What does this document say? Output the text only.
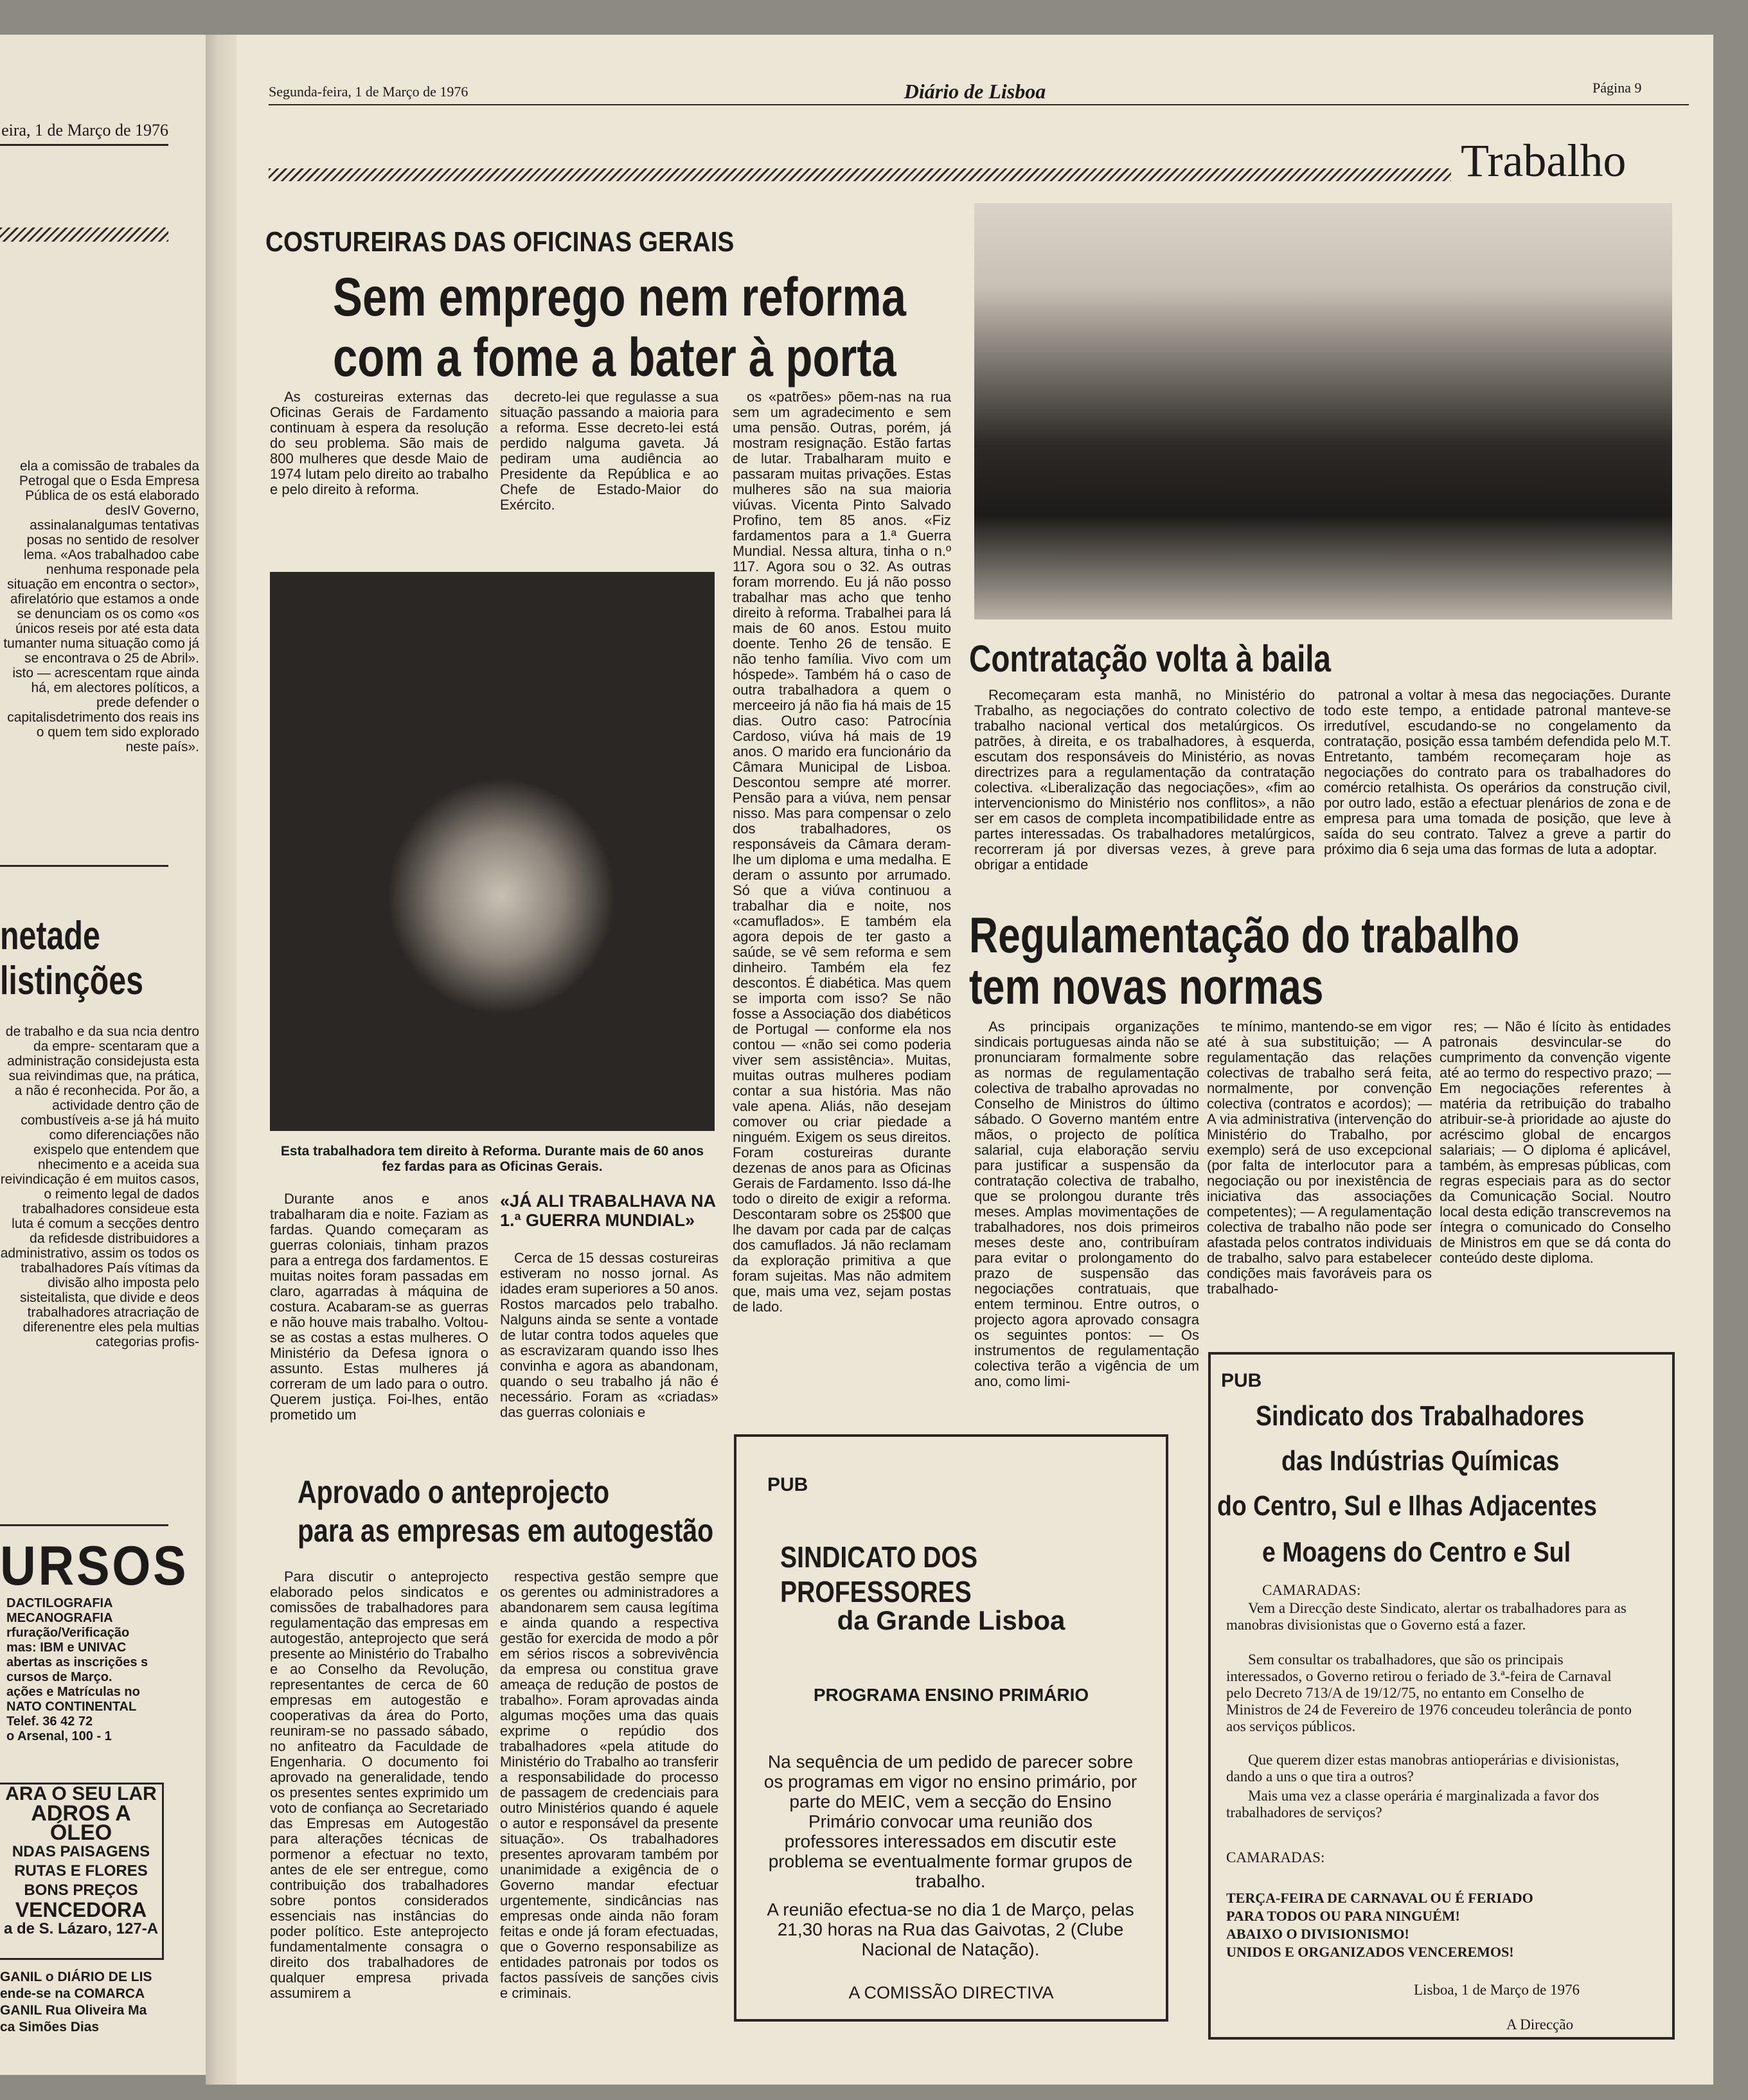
eira, 1 de Março de 1976
ela a comissão de trabales da Petrogal que o Esda Empresa Pública de os está elaborado desIV Governo, assinalanalgumas tentativas posas no sentido de resolver lema. «Aos trabalhadoo cabe nenhuma responade pela situação em encontra o sector», afirelatório que estamos a onde se denunciam os os como «os únicos reseis por até esta data tumanter numa situação como já se encontrava o 25 de Abril». isto — acrescentam rque ainda há, em alectores políticos, a prede defender o capitalisdetrimento dos reais ins o quem tem sido explorado neste país».
netade
listinções
de trabalho e da sua ncia dentro da empre- scentaram que a administração considejusta esta sua reivindimas que, na prática, a não é reconhecida. Por ão, a actividade dentro ção de combustíveis a-se já há muito como diferenciações não exispelo que entendem que nhecimento e a aceida sua reivindicação é em muitos casos, o reimento legal de dados trabalhadores consideue esta luta é comum a secções dentro da refidesde distribuidores a administrativo, assim os todos os trabalhadores País vítimas da divisão alho imposta pelo sisteitalista, que divide e deos trabalhadores atracriação de diferenentre eles pela multias categorias profis-
URSOS
DACTILOGRAFIA
MECANOGRAFIA
rfuração/Verificação
mas: IBM e UNIVAC
abertas as inscrições s cursos de Março.
ações e Matrículas no
NATO CONTINENTAL
Telef. 36 42 72
o Arsenal, 100 - 1
ARA O SEU LAR
ADROS A ÓLEO
NDAS PAISAGENS
RUTAS E FLORES
BONS PREÇOS
VENCEDORA
a de S. Lázaro, 127-A
GANIL o DIÁRIO DE LIS
ende-se na COMARCA
GANIL Rua Oliveira Ma
ca Simões Dias
Segunda-feira, 1 de Março de 1976	Diário de Lisboa	Página 9
Trabalho
COSTUREIRAS DAS OFICINAS GERAIS
Sem emprego nem reforma
com a fome a bater à porta

As costureiras externas das Oficinas Gerais de Fardamento continuam à espera da resolução do seu problema. São mais de 800 mulheres que desde Maio de 1974 lutam pelo direito ao trabalho e pelo direito à reforma.

decreto-lei que regulasse a sua situação passando a maioria para a reforma. Esse decreto-lei está perdido nalguma gaveta. Já pediram uma audiência ao Presidente da República e ao Chefe de Estado-Maior do Exército.

os «patrões» põem-nas na rua sem um agradecimento e sem uma pensão. Outras, porém, já mostram resignação. Estão fartas de lutar. Trabalharam muito e passaram muitas privações. Estas mulheres são na sua maioria viúvas. Vicenta Pinto Salvado Profino, tem 85 anos. «Fiz fardamentos para a 1.ª Guerra Mundial. Nessa altura, tinha o n.º 117. Agora sou o 32. As outras foram morrendo. Eu já não posso trabalhar mas acho que tenho direito à reforma. Trabalhei para lá mais de 60 anos. Estou muito doente. Tenho 26 de tensão. E não tenho família. Vivo com um hóspede». Também há o caso de outra trabalhadora a quem o merceeiro já não fia há mais de 15 dias. Outro caso: Patrocínia Cardoso, viúva há mais de 19 anos. O marido era funcionário da Câmara Municipal de Lisboa. Descontou sempre até morrer. Pensão para a viúva, nem pensar nisso. Mas para compensar o zelo dos trabalhadores, os responsáveis da Câmara deram-lhe um diploma e uma medalha. E deram o assunto por arrumado. Só que a viúva continuou a trabalhar dia e noite, nos «camuflados». E também ela agora depois de ter gasto a saúde, se vê sem reforma e sem dinheiro. Também ela fez descontos. É diabética. Mas quem se importa com isso? Se não fosse a Associação dos diabéticos de Portugal — conforme ela nos contou — «não sei como poderia viver sem assistência». Muitas, muitas outras mulheres podiam contar a sua história. Mas não vale apena. Aliás, não desejam comover ou criar piedade a ninguém. Exigem os seus direitos. Foram costureiras durante dezenas de anos para as Oficinas Gerais de Fardamento. Isso dá-lhe todo o direito de exigir a reforma. Descontaram sobre os 25$00 que lhe davam por cada par de calças dos camuflados. Já não reclamam da exploração primitiva a que foram sujeitas. Mas não admitem que, mais uma vez, sejam postas de lado.

Esta trabalhadora tem direito à Reforma. Durante mais de 60 anos fez fardas para as Oficinas Gerais.

Durante anos e anos trabalharam dia e noite. Faziam as fardas. Quando começaram as guerras coloniais, tinham prazos para a entrega dos fardamentos. E muitas noites foram passadas em claro, agarradas à máquina de costura. Acabaram-se as guerras e não houve mais trabalho. Voltou-se as costas a estas mulheres. O Ministério da Defesa ignora o assunto. Estas mulheres já correram de um lado para o outro. Querem justiça. Foi-lhes, então prometido um

«JÁ ALI TRABALHAVA NA 1.ª GUERRA MUNDIAL»

Cerca de 15 dessas costureiras estiveram no nosso jornal. As idades eram superiores a 50 anos. Rostos marcados pelo trabalho. Nalguns ainda se sente a vontade de lutar contra todos aqueles que as escravizaram quando isso lhes convinha e agora as abandonam, quando o seu trabalho já não é necessário. Foram as «criadas» das guerras coloniais e

Contratação volta à baila

Recomeçaram esta manhã, no Ministério do Trabalho, as negociações do contrato colectivo de trabalho nacional vertical dos metalúrgicos. Os patrões, à direita, e os trabalhadores, à esquerda, escutam dos responsáveis do Ministério, as novas directrizes para a regulamentação da contratação colectiva. «Liberalização das negociações», «fim ao intervencionismo do Ministério nos conflitos», a não ser em casos de completa incompatibilidade entre as partes interessadas. Os trabalhadores metalúrgicos, recorreram já por diversas vezes, à greve para obrigar a entidade

patronal a voltar à mesa das negociações. Durante todo este tempo, a entidade patronal manteve-se irredutível, escudando-se no congelamento da contratação, posição essa também defendida pelo M.T. Entretanto, também recomeçaram hoje as negociações do contrato para os trabalhadores do comércio retalhista. Os operários da construção civil, por outro lado, estão a efectuar plenários de zona e de empresa para uma tomada de posição, que leve à saída do seu contrato. Talvez a greve a partir do próximo dia 6 seja uma das formas de luta a adoptar.

Regulamentação do trabalho
tem novas normas

As principais organizações sindicais portuguesas ainda não se pronunciaram formalmente sobre as normas de regulamentação colectiva de trabalho aprovadas no Conselho de Ministros do último sábado. O Governo mantém entre mãos, o projecto de política salarial, cuja elaboração serviu para justificar a suspensão da contratação colectiva de trabalho, que se prolongou durante três meses. Amplas movimentações de trabalhadores, nos dois primeiros meses deste ano, contribuíram para evitar o prolongamento do prazo de suspensão das negociações contratuais, que entem terminou. Entre outros, o projecto agora aprovado consagra os seguintes pontos: — Os instrumentos de regulamentação colectiva terão a vigência de um ano, como limi-

te mínimo, mantendo-se em vigor até à sua substituição; — A regulamentação das relações colectivas de trabalho será feita, normalmente, por convenção colectiva (contratos e acordos); — A via administrativa (intervenção do Ministério do Trabalho, por exemplo) será de uso excepcional (por falta de interlocutor para a negociação ou por inexistência de iniciativa das associações competentes); — A regulamentação colectiva de trabalho não pode ser afastada pelos contratos individuais de trabalho, salvo para estabelecer condições mais favoráveis para os trabalhado-

res; — Não é lícito às entidades patronais desvincular-se do cumprimento da convenção vigente até ao termo do respectivo prazo; — Em negociações referentes à matéria da retribuição do trabalho atribuir-se-à prioridade ao ajuste do acréscimo global de encargos salariais; — O diploma é aplicável, também, às empresas públicas, com regras especiais para as do sector da Comunicação Social. Noutro local desta edição transcrevemos na íntegra o comunicado do Conselho de Ministros em que se dá conta do conteúdo deste diploma.

Aprovado o anteprojecto
para as empresas em autogestão

Para discutir o anteprojecto elaborado pelos sindicatos e comissões de trabalhadores para regulamentação das empresas em autogestão, anteprojecto que será presente ao Ministério do Trabalho e ao Conselho da Revolução, representantes de cerca de 60 empresas em autogestão e cooperativas da área do Porto, reuniram-se no passado sábado, no anfiteatro da Faculdade de Engenharia. O documento foi aprovado na generalidade, tendo os presentes sentes exprimido um voto de confiança ao Secretariado das Empresas em Autogestão para alterações técnicas de pormenor a efectuar no texto, antes de ele ser entregue, como contribuição dos trabalhadores sobre pontos considerados essenciais nas instâncias do poder político. Este anteprojecto fundamentalmente consagra o direito dos trabalhadores de qualquer empresa privada assumirem a

respectiva gestão sempre que os gerentes ou administradores a abandonarem sem causa legítima e ainda quando a respectiva gestão for exercida de modo a pôr em sérios riscos a sobrevivência da empresa ou constitua grave ameaça de redução de postos de trabalho». Foram aprovadas ainda algumas moções uma das quais exprime o repúdio dos trabalhadores «pela atitude do Ministério do Trabalho ao transferir a responsabilidade do processo de passagem de credenciais para outro Ministérios quando é aquele o autor e responsável da presente situação». Os trabalhadores presentes aprovaram também por unanimidade a exigência de o Governo mandar efectuar urgentemente, sindicâncias nas empresas onde ainda não foram feitas e onde já foram efectuadas, que o Governo responsabilize as entidades patronais por todos os factos passíveis de sanções civis e criminais.

PUB
SINDICATO DOS PROFESSORES
da Grande Lisboa
PROGRAMA ENSINO PRIMÁRIO
Na sequência de um pedido de parecer sobre os programas em vigor no ensino primário, por parte do MEIC, vem a secção do Ensino Primário convocar uma reunião dos professores interessados em discutir este problema se eventualmente formar grupos de trabalho.
A reunião efectua-se no dia 1 de Março, pelas 21,30 horas na Rua das Gaivotas, 2 (Clube Nacional de Natação).
A COMISSÃO DIRECTIVA
PUB
Sindicato dos Trabalhadores
das Indústrias Químicas
do Centro, Sul e Ilhas Adjacentes
e Moagens do Centro e Sul
CAMARADAS:
Vem a Direcção deste Sindicato, alertar os trabalhadores para as manobras divisionistas que o Governo está a fazer.
Sem consultar os trabalhadores, que são os principais interessados, o Governo retirou o feriado de 3.ª-feira de Carnaval pelo Decreto 713/A de 19/12/75, no entanto em Conselho de Ministros de 24 de Fevereiro de 1976 conceudeu tolerância de ponto aos serviços públicos.
Que querem dizer estas manobras antioperárias e divisionistas, dando a uns o que tira a outros?
Mais uma vez a classe operária é marginalizada a favor dos trabalhadores de serviços?
CAMARADAS:
TERÇA-FEIRA DE CARNAVAL OU É FERIADO
PARA TODOS OU PARA NINGUÉM!
ABAIXO O DIVISIONISMO!
UNIDOS E ORGANIZADOS VENCEREMOS!
Lisboa, 1 de Março de 1976
A Direcção
